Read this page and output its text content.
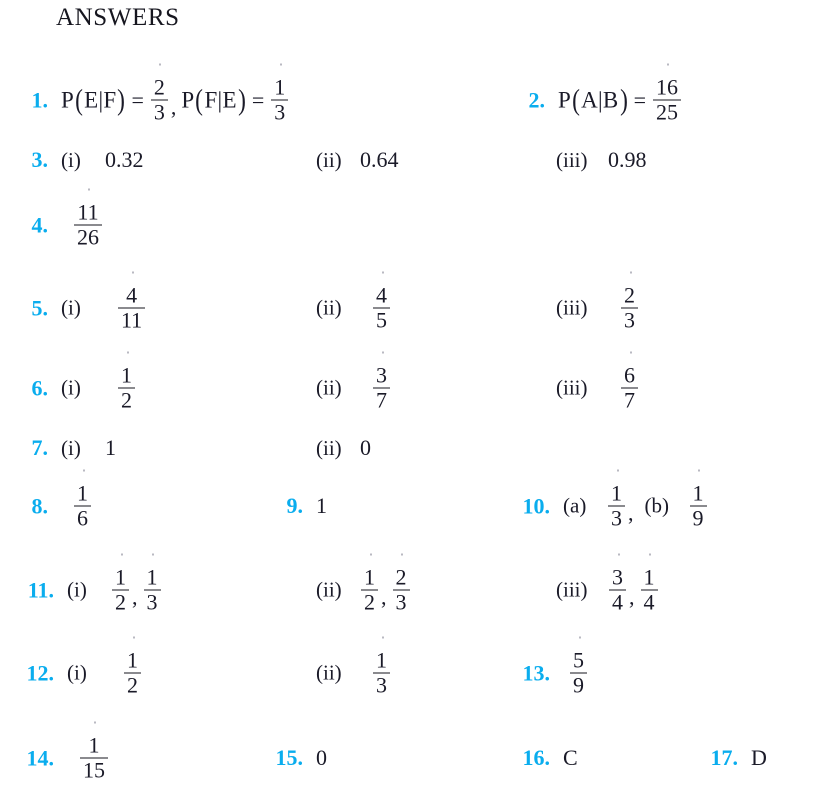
ANSWERS
1. P ( E|F ) = $\frac{2}{3}$ , P ( F|E ) = $\frac{1}{3}$	2. P ( A|B ) = $\frac{16}{25}$
3. (i)	0.32	(ii) 0.64	(iii) 0.98
4. $\frac{11}{26}$
5. (i)	$\frac{4}{11}$	$(ii) \frac{4}{5}$	$(iii) \frac{2}{3}$
6. (i)	$\frac{1}{2}$	$(ii) \frac{3}{7}$	$(iii) \frac{6}{7}$
7. (i)	1	(ii) 0
8. $\frac{1}{6}$	9. 1	10. $(a) \frac{1}{3}$ , $(b) \frac{1}{9}$
11. (i)	$\frac{1}{2}$ , $\frac{1}{3}$	$(ii) \frac{1}{2}$ , $\frac{2}{3}$	$(iii) \frac{3}{4}$ , $\frac{1}{4}$
12. (i)	$\frac{1}{2}$	$(ii) \frac{1}{3}$	13. $\frac{5}{9}$
14. $\frac{1}{15}$	15. 0	16. C	17. D
